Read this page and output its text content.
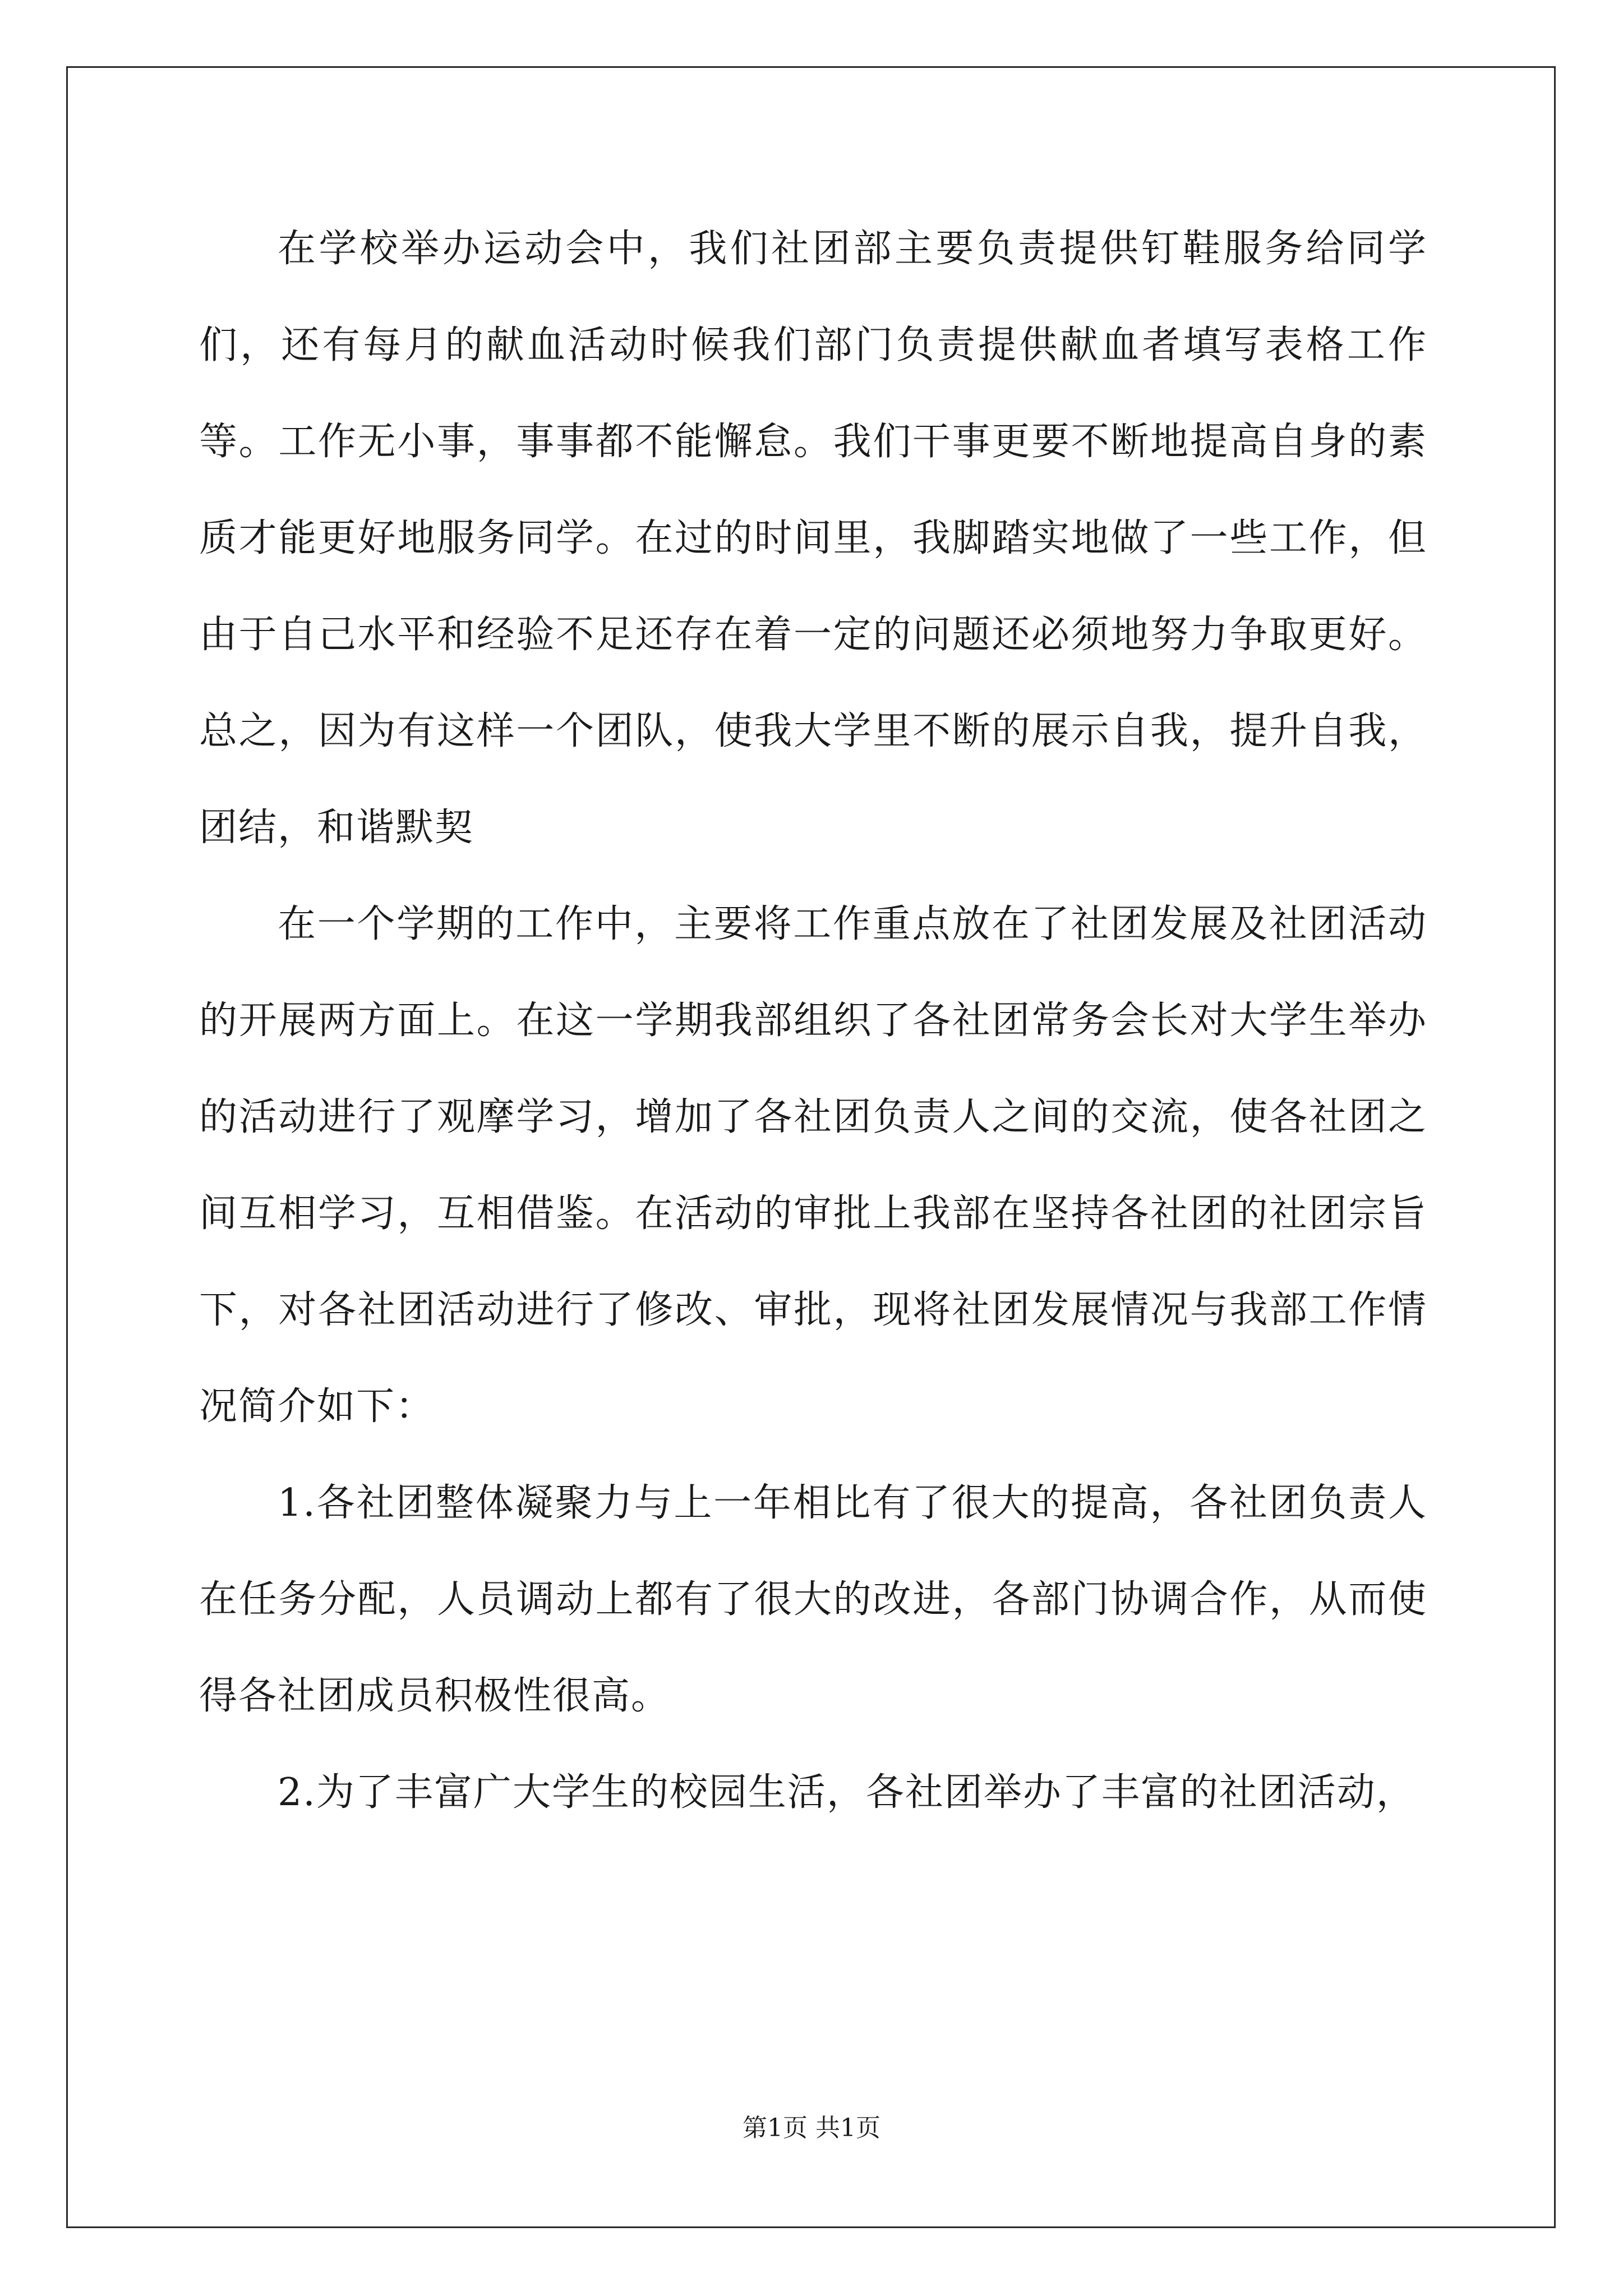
在学校举办运动会中，我们社团部主要负责提供钉鞋服务给同学们，还有每月的献血活动时候我们部门负责提供献血者填写表格工作等。工作无小事，事事都不能懈怠。我们干事更要不断地提高自身的素质才能更好地服务同学。在过的时间里，我脚踏实地做了一些工作，但由于自己水平和经验不足还存在着一定的问题还必须地努力争取更好。总之，因为有这样一个团队，使我大学里不断的展示自我，提升自我，团结，和谐默契

在一个学期的工作中，主要将工作重点放在了社团发展及社团活动的开展两方面上。在这一学期我部组织了各社团常务会长对大学生举办的活动进行了观摩学习，增加了各社团负责人之间的交流，使各社团之间互相学习，互相借鉴。在活动的审批上我部在坚持各社团的社团宗旨下，对各社团活动进行了修改、审批，现将社团发展情况与我部工作情况简介如下：

1.各社团整体凝聚力与上一年相比有了很大的提高，各社团负责人在任务分配，人员调动上都有了很大的改进，各部门协调合作，从而使得各社团成员积极性很高。

2.为了丰富广大学生的校园生活，各社团举办了丰富的社团活动，

第1页 共1页
